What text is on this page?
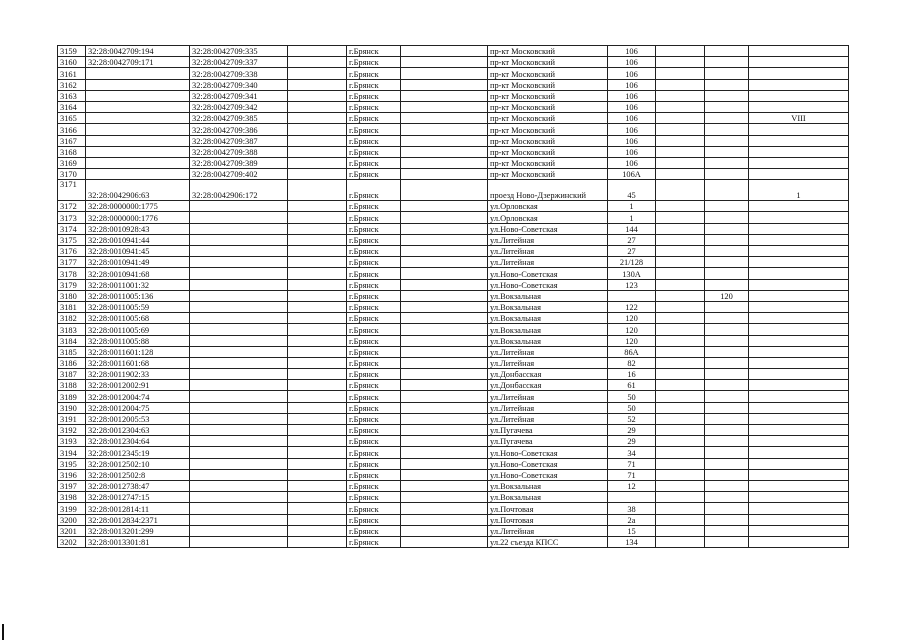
3159	32:28:0042709:194	32:28:0042709:335		г.Брянск		пр-кт Московский	106			
3160	32:28:0042709:171	32:28:0042709:337		г.Брянск		пр-кт Московский	106			
3161		32:28:0042709:338		г.Брянск		пр-кт Московский	106			
3162		32:28:0042709:340		г.Брянск		пр-кт Московский	106			
3163		32:28:0042709:341		г.Брянск		пр-кт Московский	106			
3164		32:28:0042709:342		г.Брянск		пр-кт Московский	106			
3165		32:28:0042709:385		г.Брянск		пр-кт Московский	106			VIII
3166		32:28:0042709:386		г.Брянск		пр-кт Московский	106			
3167		32:28:0042709:387		г.Брянск		пр-кт Московский	106			
3168		32:28:0042709:388		г.Брянск		пр-кт Московский	106			
3169		32:28:0042709:389		г.Брянск		пр-кт Московский	106			
3170		32:28:0042709:402		г.Брянск		пр-кт Московский	106А			
3171	32:28:0042906:63	32:28:0042906:172		г.Брянск		проезд Ново-Дзержинский	45			1
3172	32:28:0000000:1775			г.Брянск		ул.Орловская	1			
3173	32:28:0000000:1776			г.Брянск		ул.Орловская	1			
3174	32:28:0010928:43			г.Брянск		ул.Ново-Советская	144			
3175	32:28:0010941:44			г.Брянск		ул.Литейная	27			
3176	32:28:0010941:45			г.Брянск		ул.Литейная	27			
3177	32:28:0010941:49			г.Брянск		ул.Литейная	21/128			
3178	32:28:0010941:68			г.Брянск		ул.Ново-Советская	130А			
3179	32:28:0011001:32			г.Брянск		ул.Ново-Советская	123			
3180	32:28:0011005:136			г.Брянск		ул.Вокзальная			120	
3181	32:28:0011005:59			г.Брянск		ул.Вокзальная	122			
3182	32:28:0011005:68			г.Брянск		ул.Вокзальная	120			
3183	32:28:0011005:69			г.Брянск		ул.Вокзальная	120			
3184	32:28:0011005:88			г.Брянск		ул.Вокзальная	120			
3185	32:28:0011601:128			г.Брянск		ул.Литейная	86А			
3186	32:28:0011601:68			г.Брянск		ул.Литейная	82			
3187	32:28:0011902:33			г.Брянск		ул.Донбасская	16			
3188	32:28:0012002:91			г.Брянск		ул.Донбасская	61			
3189	32:28:0012004:74			г.Брянск		ул.Литейная	50			
3190	32:28:0012004:75			г.Брянск		ул.Литейная	50			
3191	32:28:0012005:53			г.Брянск		ул.Литейная	52			
3192	32:28:0012304:63			г.Брянск		ул.Пугачева	29			
3193	32:28:0012304:64			г.Брянск		ул.Пугачева	29			
3194	32:28:0012345:19			г.Брянск		ул.Ново-Советская	34			
3195	32:28:0012502:10			г.Брянск		ул.Ново-Советская	71			
3196	32:28:0012502:8			г.Брянск		ул.Ново-Советская	71			
3197	32:28:0012738:47			г.Брянск		ул.Вокзальная	12			
3198	32:28:0012747:15			г.Брянск		ул.Вокзальная				
3199	32:28:0012814:11			г.Брянск		ул.Почтовая	38			
3200	32:28:0012834:2371			г.Брянск		ул.Почтовая	2а			
3201	32:28:0013201:299			г.Брянск		ул.Литейная	15			
3202	32:28:0013301:81			г.Брянск		ул.22 съезда КПСС	134			
